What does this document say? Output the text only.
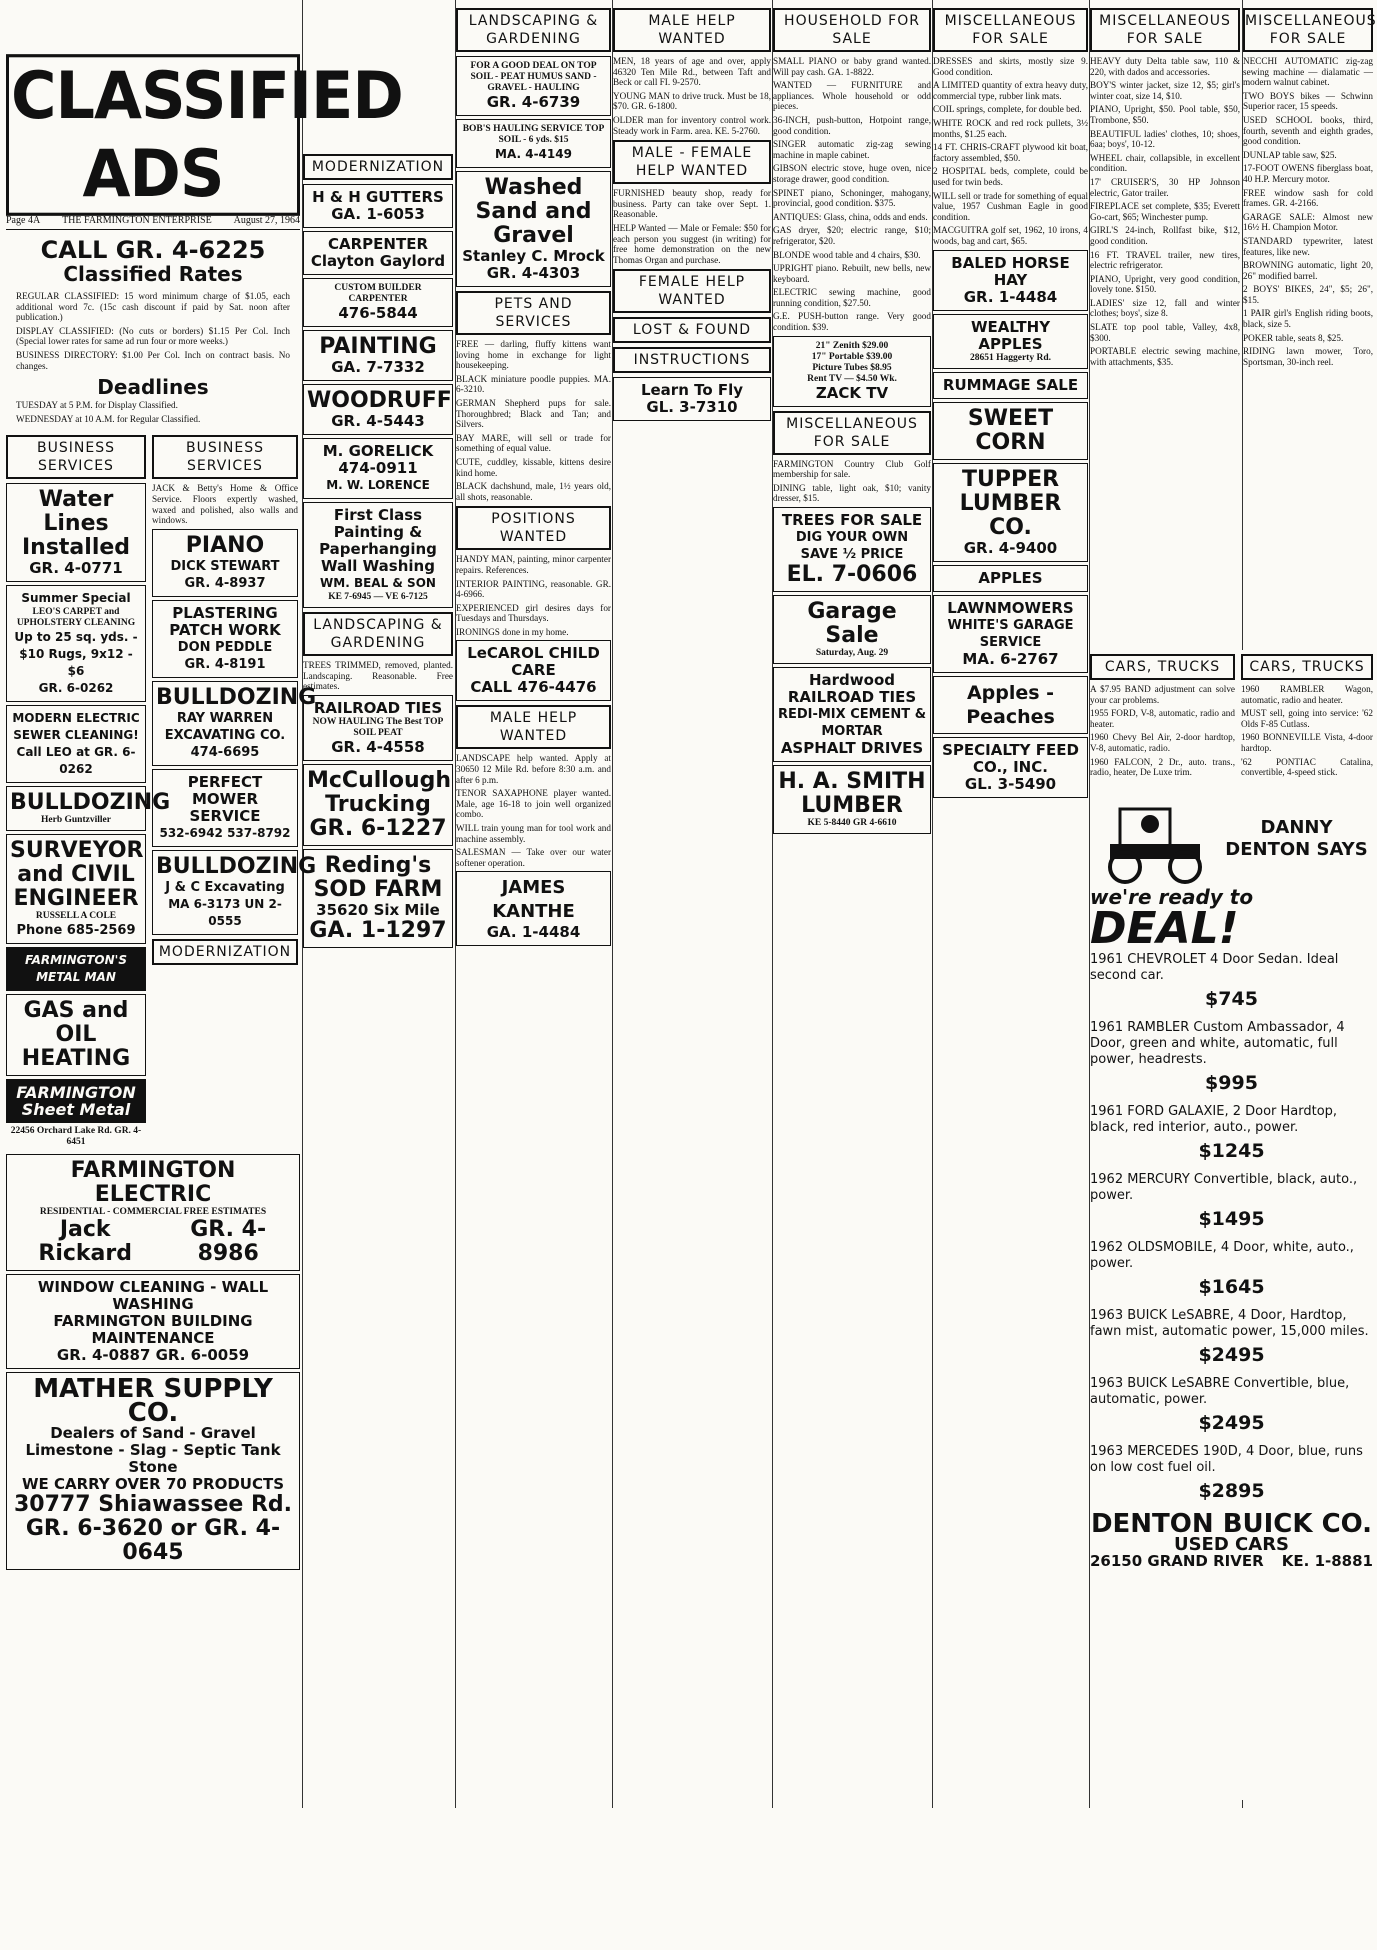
CLASSIFIED ADS
Page 4A THE FARMINGTON ENTERPRISE August 27, 1964
CALL GR. 4-6225
Classified Rates

REGULAR CLASSIFIED: 15 word minimum charge of $1.05, each additional word 7c. (15c cash discount if paid by Sat. noon after publication.)

DISPLAY CLASSIFIED: (No cuts or borders) $1.15 Per Col. Inch (Special lower rates for same ad run four or more weeks.)

BUSINESS DIRECTORY: $1.00 Per Col. Inch on contract basis. No changes.

Deadlines

TUESDAY at 5 P.M. for Display Classified.

WEDNESDAY at 10 A.M. for Regular Classified.

BUSINESS SERVICES
Water Lines Installed
GR. 4-0771
Summer Special
LEO'S CARPET and UPHOLSTERY CLEANING
Up to 25 sq. yds. - $10 Rugs, 9x12 - $6
GR. 6-0262
MODERN ELECTRIC SEWER CLEANING!
Call LEO at GR. 6-0262
BULLDOZING
Herb Guntzviller
SURVEYOR and CIVIL ENGINEER
RUSSELL A COLE
Phone 685-2569
FARMINGTON'S METAL MAN
GAS and OIL HEATING
FARMINGTON Sheet Metal
22456 Orchard Lake Rd. GR. 4-6451
BUSINESS SERVICES

JACK & Betty's Home & Office Service. Floors expertly washed, waxed and polished, also walls and windows.

PIANO
DICK STEWART
GR. 4-8937
PLASTERING PATCH WORK
DON PEDDLE
GR. 4-8191
BULLDOZING
RAY WARREN EXCAVATING CO.
474-6695
PERFECT MOWER SERVICE
532-6942 537-8792
BULLDOZING
J & C Excavating
MA 6-3173 UN 2-0555
MODERNIZATION
FARMINGTON ELECTRIC
RESIDENTIAL - COMMERCIAL FREE ESTIMATES
Jack Rickard
GR. 4-8986
WINDOW CLEANING - WALL WASHING
FARMINGTON BUILDING MAINTENANCE
GR. 4-0887 GR. 6-0059
MATHER SUPPLY CO.
Dealers of Sand - Gravel
Limestone - Slag - Septic Tank Stone
WE CARRY OVER 70 PRODUCTS
30777 Shiawassee Rd.
GR. 6-3620 or GR. 4-0645
MODERNIZATION
H & H GUTTERS
GA. 1-6053
CARPENTER
Clayton Gaylord
CUSTOM BUILDER CARPENTER
476-5844
PAINTING
GA. 7-7332
WOODRUFF
GR. 4-5443
M. GORELICK
474-0911
M. W. LORENCE
First Class Painting & Paperhanging Wall Washing
WM. BEAL & SON
KE 7-6945 — VE 6-7125
LANDSCAPING & GARDENING

TREES TRIMMED, removed, planted. Landscaping. Reasonable. Free estimates.

RAILROAD TIES
NOW HAULING The Best TOP SOIL PEAT
GR. 4-4558
McCullough Trucking
GR. 6-1227
Reding's SOD FARM
35620 Six Mile
GA. 1-1297
LANDSCAPING & GARDENING
FOR A GOOD DEAL ON TOP SOIL - PEAT HUMUS SAND - GRAVEL - HAULING
GR. 4-6739
BOB'S HAULING SERVICE TOP SOIL - 6 yds. $15
MA. 4-4149
Washed Sand and Gravel
Stanley C. Mrock
GR. 4-4303
PETS AND SERVICES

FREE — darling, fluffy kittens want loving home in exchange for light housekeeping.

BLACK miniature poodle puppies. MA. 6-3210.

GERMAN Shepherd pups for sale. Thoroughbred; Black and Tan; and Silvers.

BAY MARE, will sell or trade for something of equal value.

CUTE, cuddley, kissable, kittens desire kind home.

BLACK dachshund, male, 1½ years old, all shots, reasonable.

POSITIONS WANTED

HANDY MAN, painting, minor carpenter repairs. References.

INTERIOR PAINTING, reasonable. GR. 4-6966.

EXPERIENCED girl desires days for Tuesdays and Thursdays.

IRONINGS done in my home.

LeCAROL CHILD CARE
CALL 476-4476
MALE HELP WANTED

LANDSCAPE help wanted. Apply at 30650 12 Mile Rd. before 8:30 a.m. and after 6 p.m.

TENOR SAXAPHONE player wanted. Male, age 16-18 to join well organized combo.

WILL train young man for tool work and machine assembly.

SALESMAN — Take over our water softener operation.

JAMES KANTHE
GA. 1-4484
MALE HELP WANTED

MEN, 18 years of age and over, apply 46320 Ten Mile Rd., between Taft and Beck or call FI. 9-2570.

YOUNG MAN to drive truck. Must be 18, $70. GR. 6-1800.

OLDER man for inventory control work. Steady work in Farm. area. KE. 5-2760.

MALE - FEMALE HELP WANTED

FURNISHED beauty shop, ready for business. Party can take over Sept. 1. Reasonable.

HELP Wanted — Male or Female: $50 for each person you suggest (in writing) for free home demonstration on the new Thomas Organ and purchase.

FEMALE HELP WANTED
LOST & FOUND
INSTRUCTIONS
Learn To Fly
GL. 3-7310
HOUSEHOLD FOR SALE

SMALL PIANO or baby grand wanted. Will pay cash. GA. 1-8822.

WANTED — FURNITURE and appliances. Whole household or odd pieces.

36-INCH, push-button, Hotpoint range, good condition.

SINGER automatic zig-zag sewing machine in maple cabinet.

GIBSON electric stove, huge oven, nice storage drawer, good condition.

SPINET piano, Schoninger, mahogany, provincial, good condition. $375.

ANTIQUES: Glass, china, odds and ends.

GAS dryer, $20; electric range, $10; refrigerator, $20.

BLONDE wood table and 4 chairs, $30.

UPRIGHT piano. Rebuilt, new bells, new keyboard.

ELECTRIC sewing machine, good running condition, $27.50.

G.E. PUSH-button range. Very good condition. $39.

21" Zenith $29.00
17" Portable $39.00
Picture Tubes $8.95
Rent TV — $4.50 Wk.
ZACK TV
MISCELLANEOUS FOR SALE

FARMINGTON Country Club Golf membership for sale.

DINING table, light oak, $10; vanity dresser, $15.

TREES FOR SALE
DIG YOUR OWN SAVE ½ PRICE
EL. 7-0606
Garage Sale
Saturday, Aug. 29
Hardwood RAILROAD TIES
REDI-MIX CEMENT & MORTAR
ASPHALT DRIVES
H. A. SMITH LUMBER
KE 5-8440 GR 4-6610
MISCELLANEOUS FOR SALE

DRESSES and skirts, mostly size 9. Good condition.

A LIMITED quantity of extra heavy duty, commercial type, rubber link mats.

COIL springs, complete, for double bed.

WHITE ROCK and red rock pullets, 3½ months, $1.25 each.

14 FT. CHRIS-CRAFT plywood kit boat, factory assembled, $50.

2 HOSPITAL beds, complete, could be used for twin beds.

WILL sell or trade for something of equal value, 1957 Cushman Eagle in good condition.

MACGUITRA golf set, 1962, 10 irons, 4 woods, bag and cart, $65.

BALED HORSE HAY
GR. 1-4484
WEALTHY APPLES
28651 Haggerty Rd.
RUMMAGE SALE
SWEET CORN
TUPPER LUMBER CO.
GR. 4-9400
APPLES
LAWNMOWERS
WHITE'S GARAGE SERVICE
MA. 6-2767
Apples - Peaches
SPECIALTY FEED CO., INC.
GL. 3-5490
MISCELLANEOUS FOR SALE

HEAVY duty Delta table saw, 110 & 220, with dados and accessories.

BOY'S winter jacket, size 12, $5; girl's winter coat, size 14, $10.

PIANO, Upright, $50. Pool table, $50, Trombone, $50.

BEAUTIFUL ladies' clothes, 10; shoes, 6aa; boys', 10-12.

WHEEL chair, collapsible, in excellent condition.

17' CRUISER'S, 30 HP Johnson electric, Gator trailer.

FIREPLACE set complete, $35; Everett Go-cart, $65; Winchester pump.

GIRL'S 24-inch, Rollfast bike, $12, good condition.

16 FT. TRAVEL trailer, new tires, electric refrigerator.

PIANO, Upright, very good condition, lovely tone. $150.

LADIES' size 12, fall and winter clothes; boys', size 8.

SLATE top pool table, Valley, 4x8, $300.

PORTABLE electric sewing machine, with attachments, $35.

MISCELLANEOUS FOR SALE

NECCHI AUTOMATIC zig-zag sewing machine — dialamatic — modern walnut cabinet.

TWO BOYS bikes — Schwinn Superior racer, 15 speeds.

USED SCHOOL books, third, fourth, seventh and eighth grades, good condition.

DUNLAP table saw, $25.

17-FOOT OWENS fiberglass boat, 40 H.P. Mercury motor.

FREE window sash for cold frames. GR. 4-2166.

GARAGE SALE: Almost new 16½ H. Champion Motor.

STANDARD typewriter, latest features, like new.

BROWNING automatic, light 20, 26" modified barrel.

2 BOYS' BIKES, 24", $5; 26", $15.

1 PAIR girl's English riding boots, black, size 5.

POKER table, seats 8, $25.

RIDING lawn mower, Toro, Sportsman, 30-inch reel.

CARS, TRUCKS

A $7.95 BAND adjustment can solve your car problems.

1955 FORD, V-8, automatic, radio and heater.

1960 Chevy Bel Air, 2-door hardtop, V-8, automatic, radio.

1960 FALCON, 2 Dr., auto. trans., radio, heater, De Luxe trim.

CARS, TRUCKS

1960 RAMBLER Wagon, automatic, radio and heater.

MUST sell, going into service: '62 Olds F-85 Cutlass.

1960 BONNEVILLE Vista, 4-door hardtop.

'62 PONTIAC Catalina, convertible, 4-speed stick.

DANNY DENTON SAYS
we're ready to
DEAL!
1961 CHEVROLET 4 Door Sedan. Ideal second car.
$745
1961 RAMBLER Custom Ambassador, 4 Door, green and white, automatic, full power, headrests.
$995
1961 FORD GALAXIE, 2 Door Hardtop, black, red interior, auto., power.
$1245
1962 MERCURY Convertible, black, auto., power.
$1495
1962 OLDSMOBILE, 4 Door, white, auto., power.
$1645
1963 BUICK LeSABRE, 4 Door, Hardtop, fawn mist, automatic power, 15,000 miles.
$2495
1963 BUICK LeSABRE Convertible, blue, automatic, power.
$2495
1963 MERCEDES 190D, 4 Door, blue, runs on low cost fuel oil.
$2895
DENTON BUICK CO.
USED CARS
26150 GRAND RIVER KE. 1-8881
